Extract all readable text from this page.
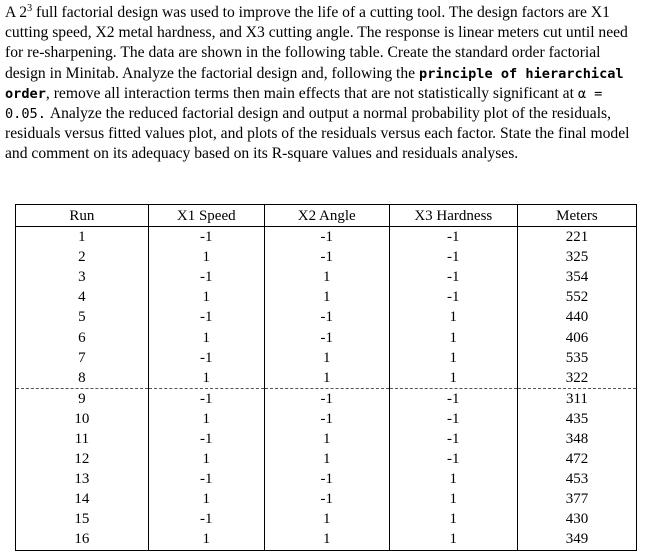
A $2^3$ full factorial design was used to improve the life of a cutting tool. The design factors are X1 cutting speed, X2 metal hardness, and X3 cutting angle. The response is linear meters cut until need for re-sharpening. The data are shown in the following table. Create the standard order factorial design in Minitab. Analyze the factorial design and, following the principle of hierarchical order, remove all interaction terms then main effects that are not statistically significant at α = 0.05. Analyze the reduced factorial design and output a normal probability plot of the residuals, residuals versus fitted values plot, and plots of the residuals versus each factor. State the final model and comment on its adequacy based on its R-square values and residuals analyses.

Run	X1 Speed	X2 Angle	X3 Hardness	Meters
1	-1	-1	-1	221
2	1	-1	-1	325
3	-1	1	-1	354
4	1	1	-1	552
5	-1	-1	1	440
6	1	-1	1	406
7	-1	1	1	535
8	1	1	1	322
9	-1	-1	-1	311
10	1	-1	-1	435
11	-1	1	-1	348
12	1	1	-1	472
13	-1	-1	1	453
14	1	-1	1	377
15	-1	1	1	430
16	1	1	1	349
